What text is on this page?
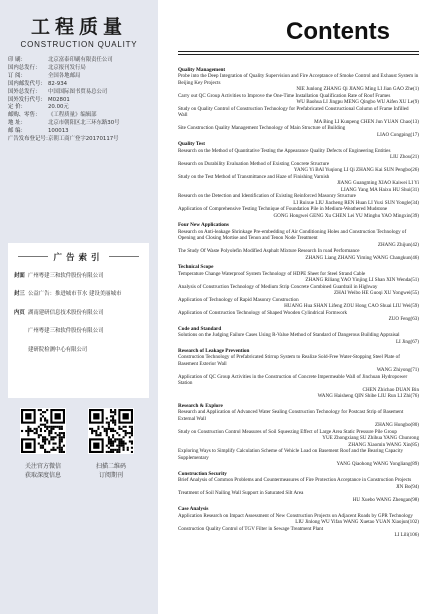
工程质量
CONSTRUCTION QUALITY
印 刷：	北京富泰印刷有限责任公司
国内总发行：	北京报刊发行局
订 阅：	全国各地邮局
国内邮发代号： 82-934
国外总发行：	中国国际图书贸易总公司
国外发行代号： M02801
定 价：	20.00元
邮购、零售：	《工程质量》编辑部
地 址：	北京市朝阳区北三环东路30号
邮 编：	100013
广告发布登记号：
京朝工商广登字20170117号
广告索引
封面 广州粤建三和软件股份有限公司
封三 公益广告：推进城市节水 建设美丽城市
内页 湖南建研信息技术股份有限公司
广州粤建三和软件股份有限公司
建研院检测中心有限公司
关注官方微信
获取深度信息
扫描二维码
订阅期刊
Contents
Quality Management
Probe into the Deep Integration of Quality Supervision and Fire Acceptance of Smoke Control and Exhaust System in Beijing Key Projects
NIE Junlong ZHANG Qi JIANG Ming LI Jian GAO Zhe(1)
Carry out QC Group Activities to Improve the One-Time Installation Qualification Rate of Roof Frames
WU Baohua LI Jingpu MENG Qingbo WU Aifen XU Le(9)
Study on Quality Control of Construction Technology for Prefabricated Constructional Column of Frame Infilled Wall
MA Bing LI Kunpeng CHEN Jun YUAN Chao(13)
Site Construction Quality Management Technology of Main Structure of Building
LIAO Congping(17)
Quality Test
Research on the Method of Quantitative Testing the Appearance Quality Defects of Engineering Entities
LIU Zhou(21)
Research on Durability Evaluation Method of Existing Concrete Structure
YANG Yi BAI Yuqiong LI Qi ZHANG Kai SUN Pengbo(26)
Study on the Test Method of Transmittance and Haze of Finishing Varnish
JIANG Guangming XIAO Kaiwei LI Yi
LIANG Yang MA Haixu HU Shui(31)
Research on the Detection and Identification of Existing Reinforced Masonry Structure
LI Ruixue LIU Jiacheng REN Huan LI Yuxi SUN Yongle(34)
Application of Comprehensive Testing Technique of Foundation Pile in Medium-Weathered Mudstone
GONG Hongwei GENG Xu CHEN Lei YU Minghu YAO Mingxin(39)
Four New Applications
Research on Anti-leakage Shrinkage Pre-embedding of Air Conditioning Holes and Construction Technology of Opening and Closing Mortise and Tenon and Tenon Node Treatment
ZHANG Zhijun(42)
The Study Of Waste Polyolefin Modified Asphalt Mixture Research In road Performance
ZHANG Liang ZHANG Yiming WANG Changkun(46)
Technical Scope
Temperature Change Waterproof System Technology of HDPE Sheet for Steel Strand Cable
ZHANG Riliang YAO Yinjing LI Shan XIN Wenda(51)
Analysis of Construction Technology of Medium Strip Concrete Combined Guardrail in Highway
ZHAI Weibo HE Guoqi XU Yongwei(55)
Application of Technology of Rapid Masonry Construction
HUANG Hua SHAN Lifeng ZOU Hong CAO Shuai LIU Wei(59)
Application of Construction Technology of Shaped Wooden Cylindrical Formwork
ZUO Feng(63)
Code and Standard
Solutions on the Judging Failure Cases Using R-Value Method of Standard of Dangerous Building Appraisal
LI Jing(67)
Research of Leakage Prevention
Construction Technology of Prefabricated Stirrup System to Realize Sold-Free Water-Stopping Steel Plate of Basement Exterior Wall
WANG Zhiyong(71)
Application of QC Group Activities in the Construction of Concrete Impermeable Wall of Jinchuan Hydropower Station
CHEN Zhichao DUAN Bin
WANG Haisheng QIN Shibe LIU Run LI Zhi(76)
Research & Explore
Research and Application of Advanced Water Sealing Construction Technology for Postcast Strip of Basement External Wall
ZHANG Hongbo(80)
Study on Construction Control Measures of Soil Squeezing Effect of Large Area Static Pressure Pile Group
YUE Zhongxiang SU Zhihua YANG Chunrong
ZHANG Xiaomin WANG Xin(85)
Exploring Ways to Simplify Calculation Scheme of Vehicle Load on Basement Roof and the Bearing Capacity Supplementary
YANG Qiaohong WANG Yongliang(89)
Construction Security
Brief Analysis of Common Problems and Countermeasures of Fire Protection Acceptance in Construction Projects
JIN Bo(94)
Treatment of Soil Nailing Wall Support in Saturated Silt Area
HU Xuebo WANG Zhengan(98)
Case Analysis
Application Research on Impact Assessment of New Construction Projects on Adjacent Roads by GPR Technology
LIU Jinlong WU Yifan WANG Xuetao YUAN Xiaojun(102)
Construction Quality Control of TGV Filter in Sewage Treatment Plant
LI Lili(106)
